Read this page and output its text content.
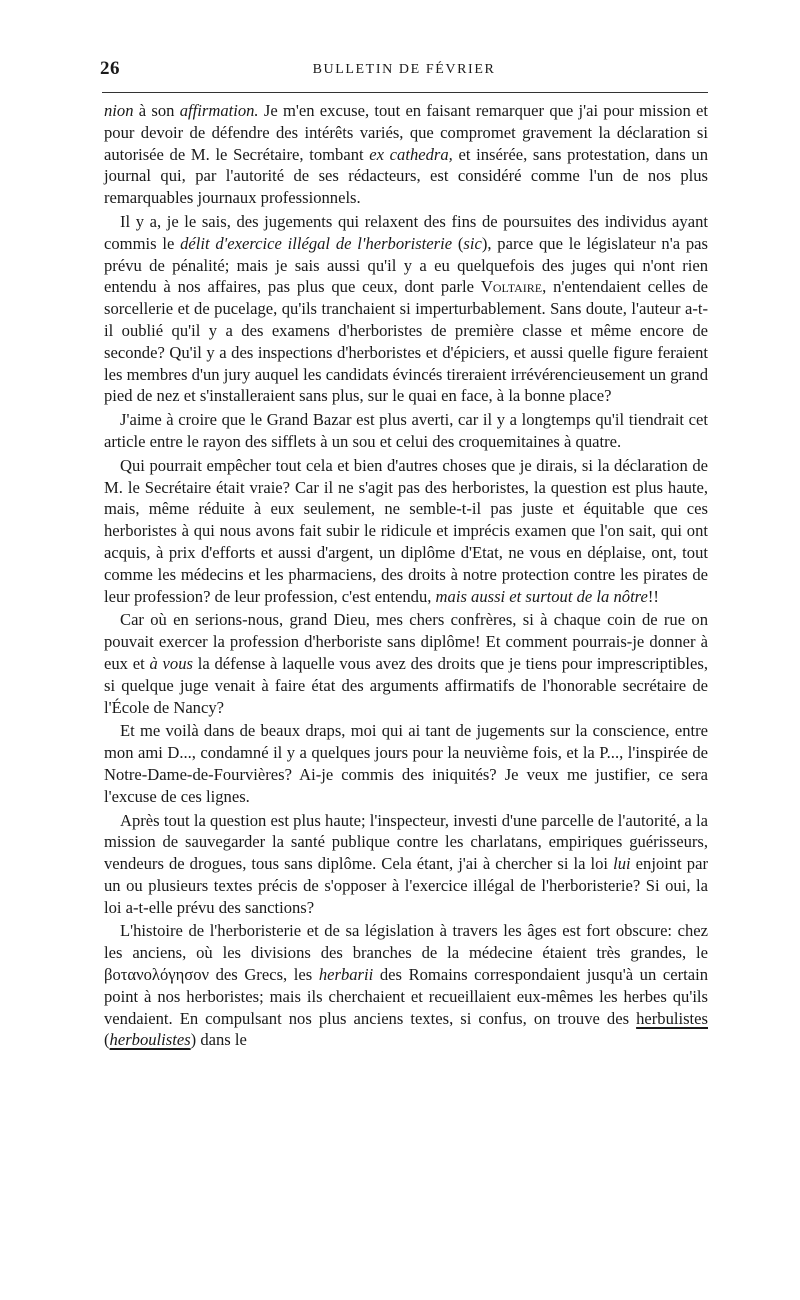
26	BULLETIN DE FÉVRIER

nion à son affirmation. Je m'en excuse, tout en faisant remarquer que j'ai pour mission et pour devoir de défendre des intérêts variés, que compromet gravement la déclaration si autorisée de M. le Secrétaire, tombant ex cathedra, et insérée, sans protestation, dans un journal qui, par l'autorité de ses rédacteurs, est considéré comme l'un de nos plus remarquables journaux professionnels.

Il y a, je le sais, des jugements qui relaxent des fins de poursuites des individus ayant commis le délit d'exercice illégal de l'herboristerie (sic), parce que le législateur n'a pas prévu de pénalité; mais je sais aussi qu'il y a eu quelquefois des juges qui n'ont rien entendu à nos affaires, pas plus que ceux, dont parle Voltaire, n'entendaient celles de sorcellerie et de pucelage, qu'ils tranchaient si imperturbablement. Sans doute, l'auteur a-t-il oublié qu'il y a des examens d'herboristes de première classe et même encore de seconde? Qu'il y a des inspections d'herboristes et d'épiciers, et aussi quelle figure feraient les membres d'un jury auquel les candidats évincés tireraient irrévérencieusement un grand pied de nez et s'installeraient sans plus, sur le quai en face, à la bonne place?

J'aime à croire que le Grand Bazar est plus averti, car il y a longtemps qu'il tiendrait cet article entre le rayon des sifflets à un sou et celui des croquemitaines à quatre.

Qui pourrait empêcher tout cela et bien d'autres choses que je dirais, si la déclaration de M. le Secrétaire était vraie? Car il ne s'agit pas des herboristes, la question est plus haute, mais, même réduite à eux seulement, ne semble-t-il pas juste et équitable que ces herboristes à qui nous avons fait subir le ridicule et imprécis examen que l'on sait, qui ont acquis, à prix d'efforts et aussi d'argent, un diplôme d'Etat, ne vous en déplaise, ont, tout comme les médecins et les pharmaciens, des droits à notre protection contre les pirates de leur profession? de leur profession, c'est entendu, mais aussi et surtout de la nôtre!!

Car où en serions-nous, grand Dieu, mes chers confrères, si à chaque coin de rue on pouvait exercer la profession d'herboriste sans diplôme! Et comment pourrais-je donner à eux et à vous la défense à laquelle vous avez des droits que je tiens pour imprescriptibles, si quelque juge venait à faire état des arguments affirmatifs de l'honorable secrétaire de l'École de Nancy?

Et me voilà dans de beaux draps, moi qui ai tant de jugements sur la conscience, entre mon ami D..., condamné il y a quelques jours pour la neuvième fois, et la P..., l'inspirée de Notre-Dame-de-Fourvières? Ai-je commis des iniquités? Je veux me justifier, ce sera l'excuse de ces lignes.

Après tout la question est plus haute; l'inspecteur, investi d'une parcelle de l'autorité, a la mission de sauvegarder la santé publique contre les charlatans, empiriques guérisseurs, vendeurs de drogues, tous sans diplôme. Cela étant, j'ai à chercher si la loi lui enjoint par un ou plusieurs textes précis de s'opposer à l'exercice illégal de l'herboristerie? Si oui, la loi a-t-elle prévu des sanctions?

L'histoire de l'herboristerie et de sa législation à travers les âges est fort obscure: chez les anciens, où les divisions des branches de la médecine étaient très grandes, le βοτανολόγησον des Grecs, les herbarii des Romains correspondaient jusqu'à un certain point à nos herboristes; mais ils cherchaient et recueillaient eux-mêmes les herbes qu'ils vendaient. En compulsant nos plus anciens textes, si confus, on trouve des herbulistes (herboulistes) dans le
